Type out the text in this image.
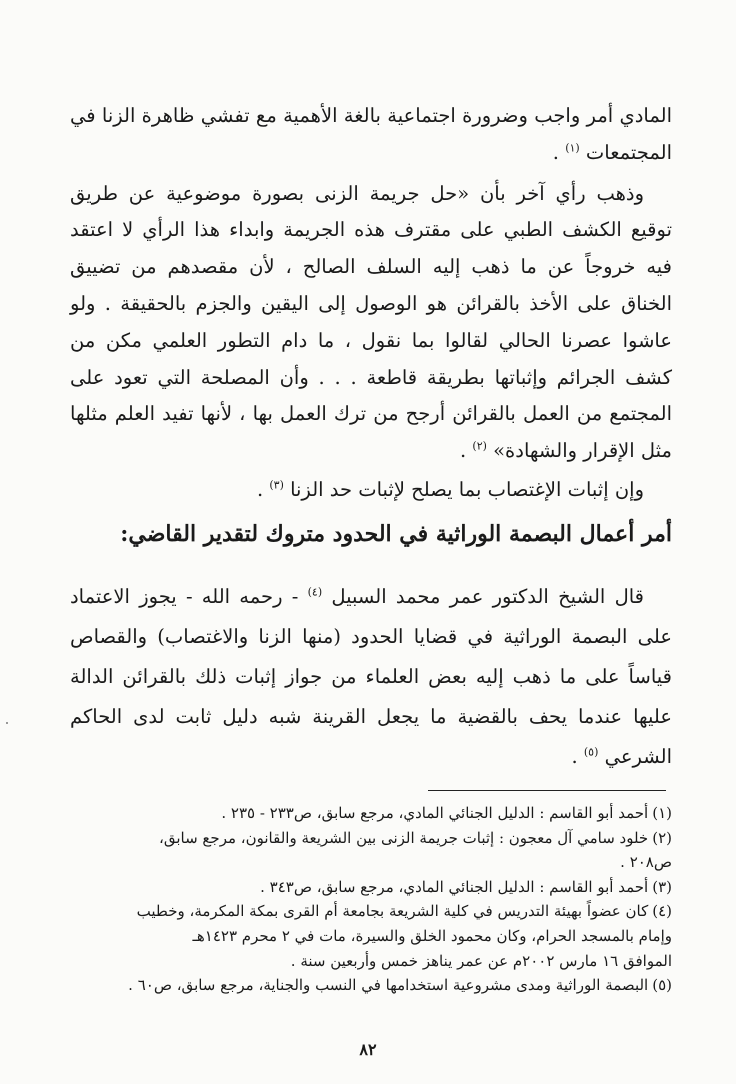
المادي أمر واجب وضرورة اجتماعية بالغة الأهمية مع تفشي ظاهرة الزنا في المجتمعات $^{(١)}$ .

وذهب رأي آخر بأن «حل جريمة الزنى بصورة موضوعية عن طريق توقيع الكشف الطبي على مقترف هذه الجريمة وابداء هذا الرأي لا اعتقد فيه خروجاً عن ما ذهب إليه السلف الصالح ، لأن مقصدهم من تضييق الخناق على الأخذ بالقرائن هو الوصول إلى اليقين والجزم بالحقيقة . ولو عاشوا عصرنا الحالي لقالوا بما نقول ، ما دام التطور العلمي مكن من كشف الجرائم وإثباتها بطريقة قاطعة . . . وأن المصلحة التي تعود على المجتمع من العمل بالقرائن أرجح من ترك العمل بها ، لأنها تفيد العلم مثلها مثل الإقرار والشهادة» $^{(٢)}$ .

وإن إثبات الإغتصاب بما يصلح لإثبات حد الزنا $^{(٣)}$ .

أمر أعمال البصمة الوراثية في الحدود متروك لتقدير القاضي:

قال الشيخ الدكتور عمر محمد السبيل $^{(٤)}$ - رحمه الله - يجوز الاعتماد على البصمة الوراثية في قضايا الحدود (منها الزنا والاغتصاب) والقصاص قياساً على ما ذهب إليه بعض العلماء من جواز إثبات ذلك بالقرائن الدالة عليها عندما يحف بالقضية ما يجعل القرينة شبه دليل ثابت لدى الحاكم الشرعي $^{(٥)}$ .

(١)أحمد أبو القاسم : الدليل الجنائي المادي، مرجع سابق، ص٢٣٣ - ٢٣٥ .

(٢)خلود سامي آل معجون : إثبات جريمة الزنى بين الشريعة والقانون، مرجع سابق،

ص٢٠٨ .

(٣)أحمد أبو القاسم : الدليل الجنائي المادي، مرجع سابق، ص٣٤٣ .

(٤)كان عضواً بهيئة التدريس في كلية الشريعة بجامعة أم القرى بمكة المكرمة، وخطيب

وإمام بالمسجد الحرام، وكان محمود الخلق والسيرة، مات في ٢ محرم ١٤٢٣هـ

الموافق ١٦ مارس ٢٠٠٢م عن عمر يناهز خمس وأربعين سنة .

(٥)البصمة الوراثية ومدى مشروعية استخدامها في النسب والجناية، مرجع سابق، ص٦٠ .

٨٢
